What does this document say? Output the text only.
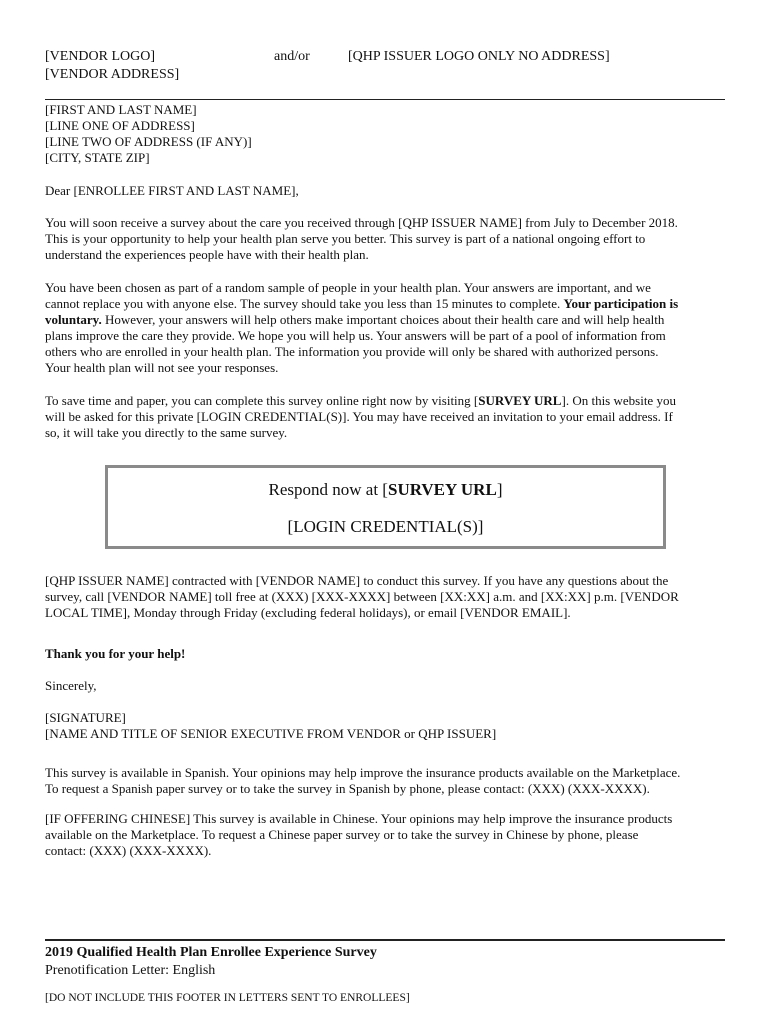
[VENDOR LOGO]
[VENDOR ADDRESS]
and/or	[QHP ISSUER LOGO ONLY NO ADDRESS]
[FIRST AND LAST NAME]
[LINE ONE OF ADDRESS]
[LINE TWO OF ADDRESS (IF ANY)]
[CITY, STATE ZIP]
Dear [ENROLLEE FIRST AND LAST NAME],
You will soon receive a survey about the care you received through [QHP ISSUER NAME] from July to December 2018.
This is your opportunity to help your health plan serve you better. This survey is part of a national ongoing effort to
understand the experiences people have with their health plan.
You have been chosen as part of a random sample of people in your health plan. Your answers are important, and we
cannot replace you with anyone else. The survey should take you less than 15 minutes to complete. Your participation is
voluntary. However, your answers will help others make important choices about their health care and will help health
plans improve the care they provide. We hope you will help us. Your answers will be part of a pool of information from
others who are enrolled in your health plan. The information you provide will only be shared with authorized persons.
Your health plan will not see your responses.
To save time and paper, you can complete this survey online right now by visiting [SURVEY URL]. On this website you
will be asked for this private [LOGIN CREDENTIAL(S)]. You may have received an invitation to your email address. If
so, it will take you directly to the same survey.
Respond now at [SURVEY URL]
[LOGIN CREDENTIAL(S)]
[QHP ISSUER NAME] contracted with [VENDOR NAME] to conduct this survey. If you have any questions about the
survey, call [VENDOR NAME] toll free at (XXX) [XXX-XXXX] between [XX:XX] a.m. and [XX:XX] p.m. [VENDOR
LOCAL TIME], Monday through Friday (excluding federal holidays), or email [VENDOR EMAIL].
Thank you for your help!
Sincerely,
[SIGNATURE]
[NAME AND TITLE OF SENIOR EXECUTIVE FROM VENDOR or QHP ISSUER]
This survey is available in Spanish. Your opinions may help improve the insurance products available on the Marketplace.
To request a Spanish paper survey or to take the survey in Spanish by phone, please contact: (XXX) (XXX-XXXX).
[IF OFFERING CHINESE] This survey is available in Chinese. Your opinions may help improve the insurance products
available on the Marketplace. To request a Chinese paper survey or to take the survey in Chinese by phone, please
contact: (XXX) (XXX-XXXX).
2019 Qualified Health Plan Enrollee Experience Survey
Prenotification Letter: English
[DO NOT INCLUDE THIS FOOTER IN LETTERS SENT TO ENROLLEES]
